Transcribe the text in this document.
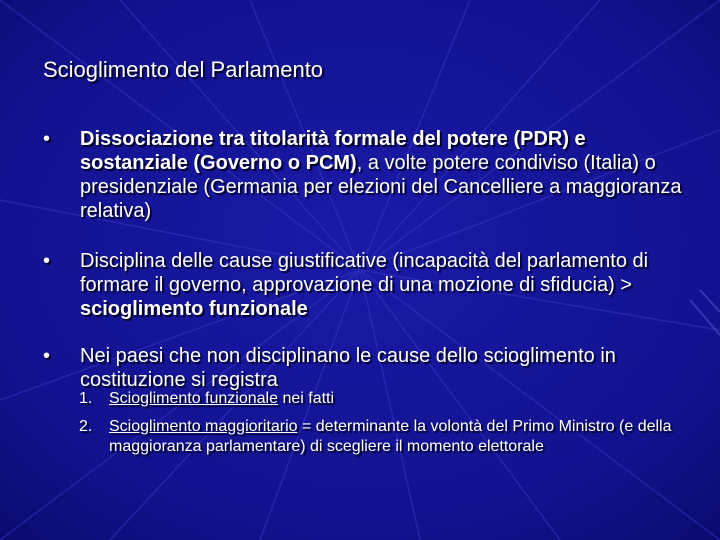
Scioglimento del Parlamento
• Dissociazione tra titolarità formale del potere (PDR) e sostanziale (Governo o PCM), a volte potere condiviso (Italia) o presidenziale (Germania per elezioni del Cancelliere a maggioranza relativa)
• Disciplina delle cause giustificative (incapacità del parlamento di formare il governo, approvazione di una mozione di sfiducia) > scioglimento funzionale
• Nei paesi che non disciplinano le cause dello scioglimento in costituzione si registra
1. Scioglimento funzionale nei fatti
2. Scioglimento maggioritario = determinante la volontà del Primo Ministro (e della maggioranza parlamentare) di scegliere il momento elettorale
